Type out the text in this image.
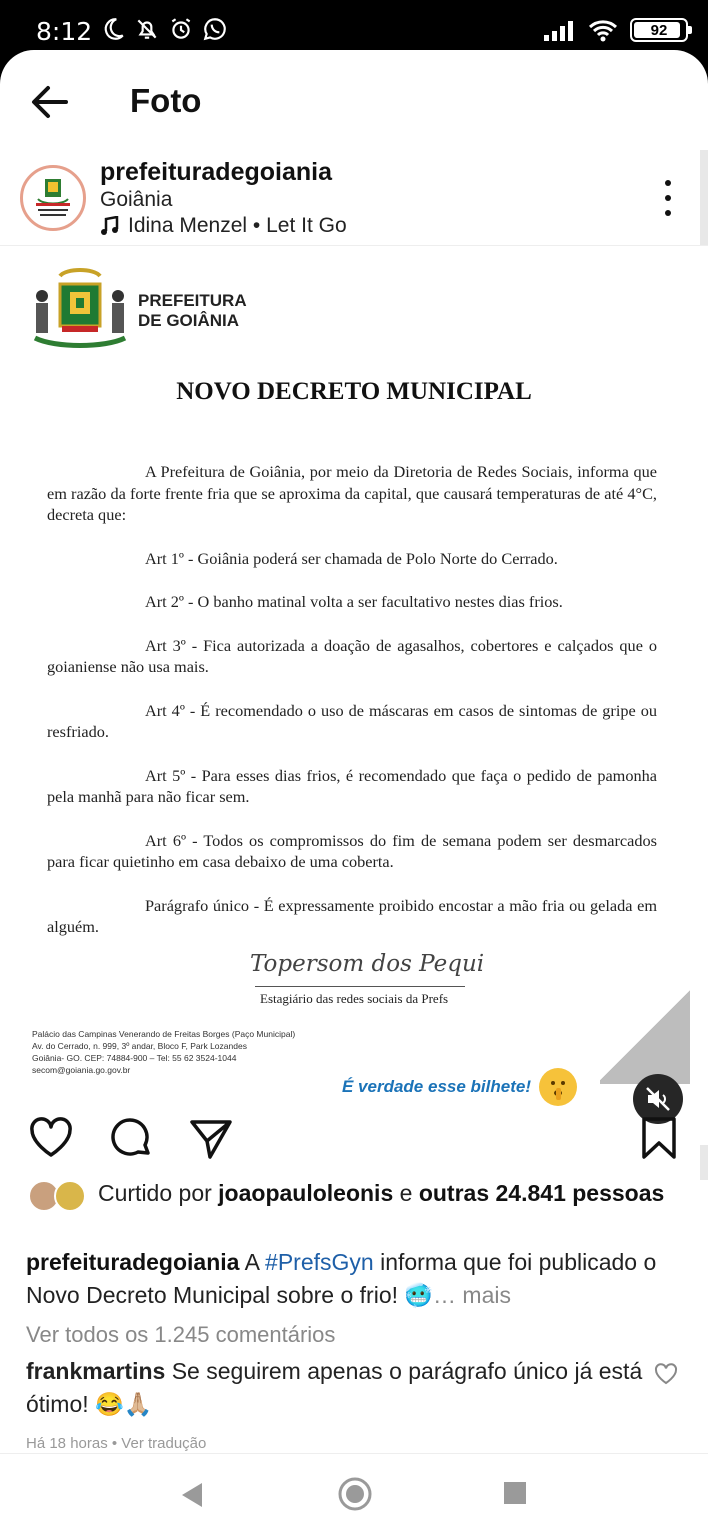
8:12	92
Foto
prefeituradegoiania
Goiânia
Idina Menzel • Let It Go
PREFEITURA
DE GOIÂNIA
NOVO DECRETO MUNICIPAL

A Prefeitura de Goiânia, por meio da Diretoria de Redes Sociais, informa que em razão da forte frente fria que se aproxima da capital, que causará temperaturas de até 4°C, decreta que:

Art 1º - Goiânia poderá ser chamada de Polo Norte do Cerrado.

Art 2º - O banho matinal volta a ser facultativo nestes dias frios.

Art 3º - Fica autorizada a doação de agasalhos, cobertores e calçados que o goianiense não usa mais.

Art 4º - É recomendado o uso de máscaras em casos de sintomas de gripe ou resfriado.

Art 5º - Para esses dias frios, é recomendado que faça o pedido de pamonha pela manhã para não ficar sem.

Art 6º - Todos os compromissos do fim de semana podem ser desmarcados para ficar quietinho em casa debaixo de uma coberta.

Parágrafo único - É expressamente proibido encostar a mão fria ou gelada em alguém.

Topersom dos Pequi
Estagiário das redes sociais da Prefs
Palácio das Campinas Venerando de Freitas Borges (Paço Municipal)
Av. do Cerrado, n. 999, 3º andar, Bloco F, Park Lozandes
Goiânia- GO. CEP: 74884-900 – Tel: 55 62 3524-1044
secom@goiania.go.gov.br
É verdade esse bilhete!
Curtido por joaopauloleonis e outras 24.841 pessoas
prefeituradegoiania A #PrefsGyn informa que foi publicado o Novo Decreto Municipal sobre o frio! 🥶… mais
Ver todos os 1.245 comentários
frankmartins Se seguirem apenas o parágrafo único já está ótimo! 😂🙏🏼
Há 18 horas • Ver tradução
